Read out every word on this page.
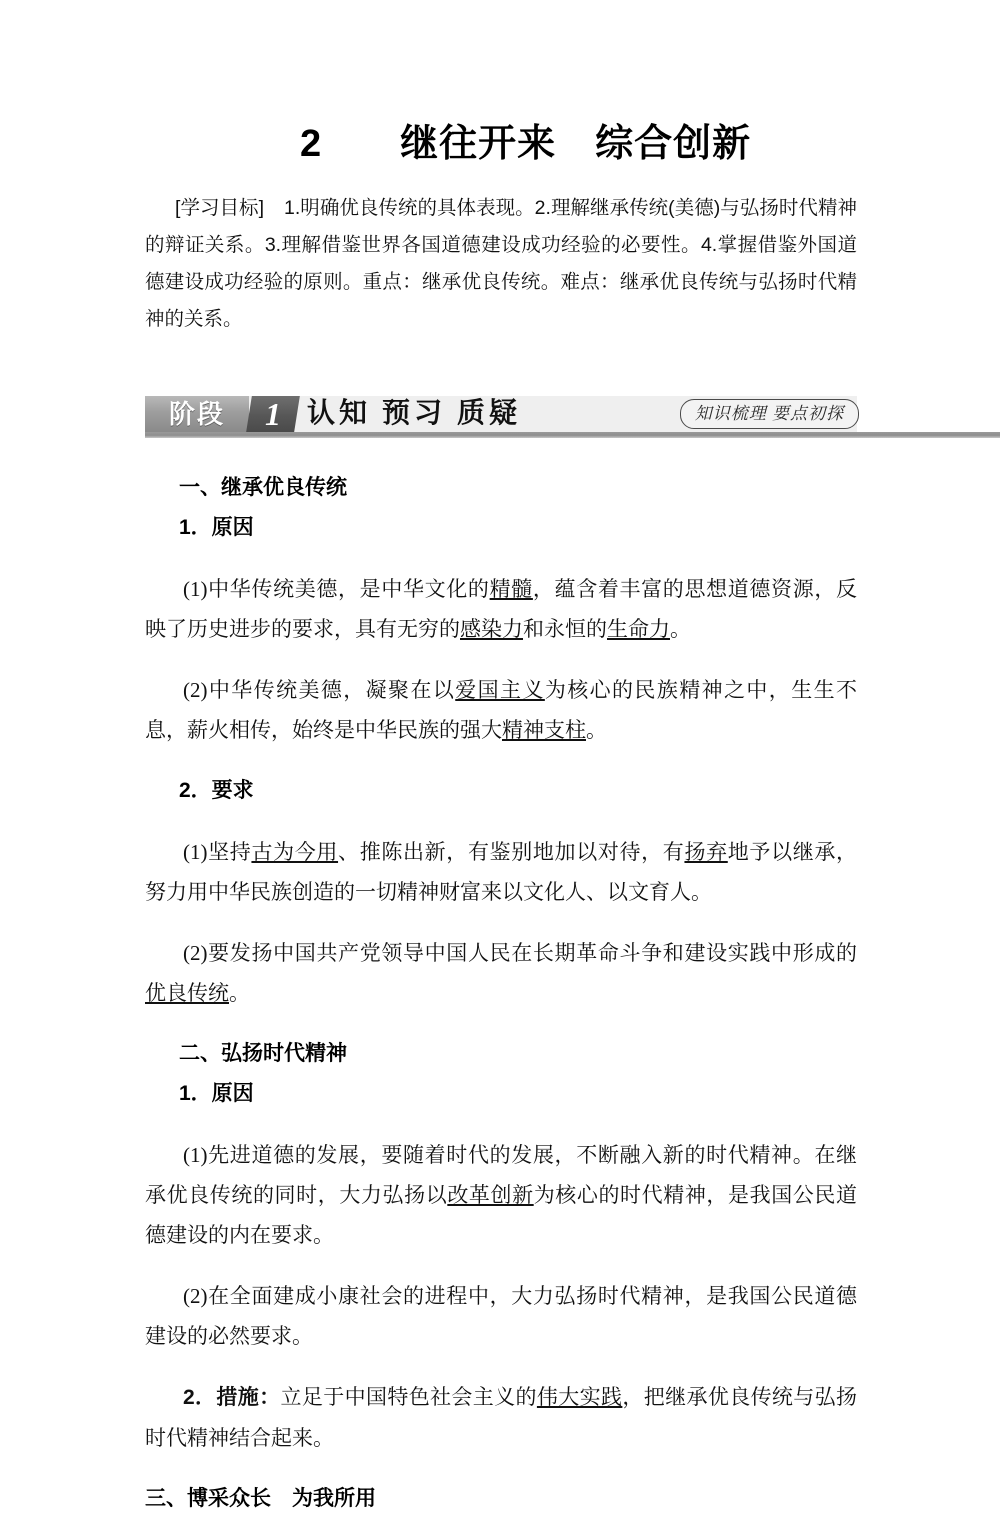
2　　继往开来　综合创新
[学习目标] 1.明确优良传统的具体表现。2.理解继承传统(美德)与弘扬时代精神的辩证关系。3.理解借鉴世界各国道德建设成功经验的必要性。4.掌握借鉴外国道德建设成功经验的原则。重点：继承优良传统。难点：继承优良传统与弘扬时代精神的关系。
阶段	1 认知 预习 质疑	知识梳理 要点初探
一、继承优良传统
1．原因

(1)中华传统美德，是中华文化的精髓，蕴含着丰富的思想道德资源，反映了历史进步的要求，具有无穷的感染力和永恒的生命力。

(2)中华传统美德，凝聚在以爱国主义为核心的民族精神之中，生生不息，薪火相传，始终是中华民族的强大精神支柱。

2．要求

(1)坚持古为今用、推陈出新，有鉴别地加以对待，有扬弃地予以继承，努力用中华民族创造的一切精神财富来以文化人、以文育人。

(2)要发扬中国共产党领导中国人民在长期革命斗争和建设实践中形成的优良传统。

二、弘扬时代精神
1．原因

(1)先进道德的发展，要随着时代的发展，不断融入新的时代精神。在继承优良传统的同时，大力弘扬以改革创新为核心的时代精神，是我国公民道德建设的内在要求。

(2)在全面建成小康社会的进程中，大力弘扬时代精神，是我国公民道德建设的必然要求。

2．措施：立足于中国特色社会主义的伟大实践，把继承优良传统与弘扬时代精神结合起来。

三、博采众长　为我所用
